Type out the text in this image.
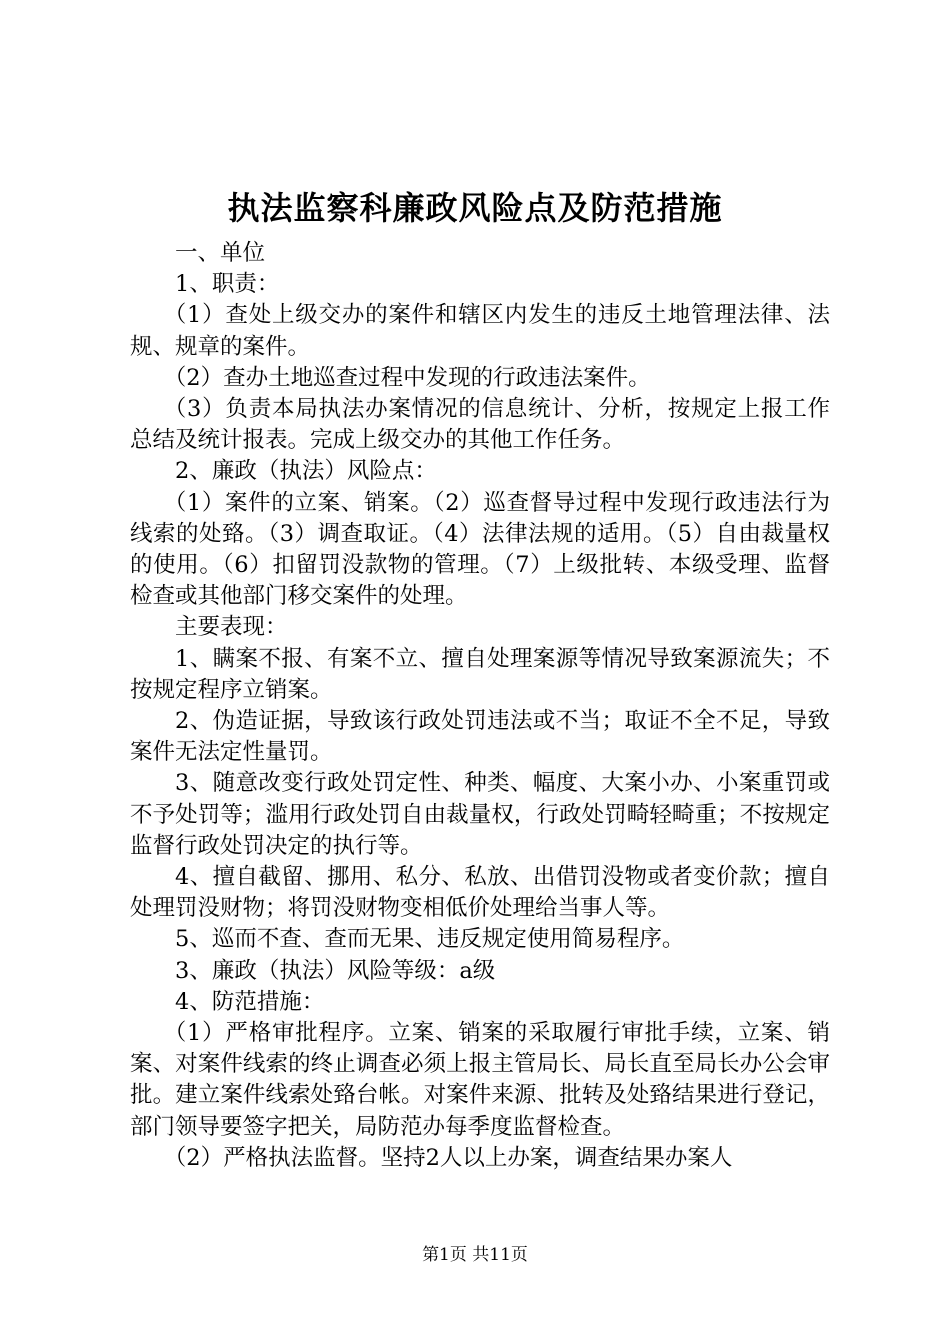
执法监察科廉政风险点及防范措施

一、单位

1、职责：

（1）查处上级交办的案件和辖区内发生的违反土地管理法律、法规、规章的案件。

（2）查办土地巡查过程中发现的行政违法案件。

（3）负责本局执法办案情况的信息统计、分析，按规定上报工作总结及统计报表。完成上级交办的其他工作任务。

2、廉政（执法）风险点：

（1）案件的立案、销案。（2）巡查督导过程中发现行政违法行为线索的处臵。（3）调查取证。（4）法律法规的适用。（5）自由裁量权的使用。（6）扣留罚没款物的管理。（7）上级批转、本级受理、监督检查或其他部门移交案件的处理。

主要表现：

1、瞒案不报、有案不立、擅自处理案源等情况导致案源流失；不按规定程序立销案。

2、伪造证据，导致该行政处罚违法或不当；取证不全不足，导致案件无法定性量罚。

3、随意改变行政处罚定性、种类、幅度、大案小办、小案重罚或不予处罚等；滥用行政处罚自由裁量权，行政处罚畸轻畸重；不按规定监督行政处罚决定的执行等。

4、擅自截留、挪用、私分、私放、出借罚没物或者变价款；擅自处理罚没财物；将罚没财物变相低价处理给当事人等。

5、巡而不查、查而无果、违反规定使用简易程序。

3、廉政（执法）风险等级：a级

4、防范措施：

（1）严格审批程序。立案、销案的采取履行审批手续，立案、销案、对案件线索的终止调查必须上报主管局长、局长直至局长办公会审批。建立案件线索处臵台帐。对案件来源、批转及处臵结果进行登记，部门领导要签字把关，局防范办每季度监督检查。

（2）严格执法监督。坚持2人以上办案，调查结果办案人

第1页 共11页
